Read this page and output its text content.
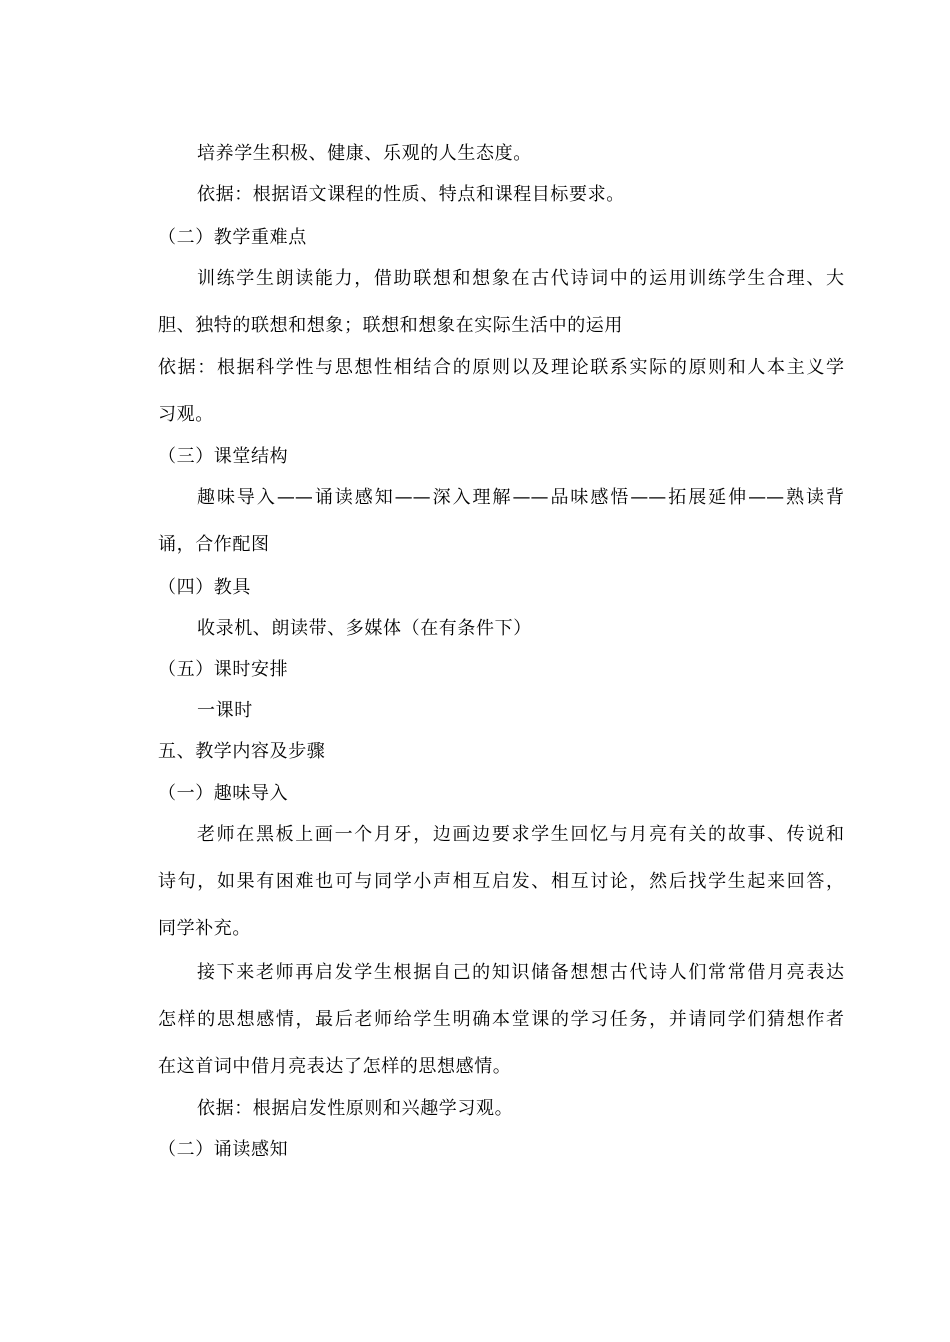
培养学生积极、健康、乐观的人生态度。
依据：根据语文课程的性质、特点和课程目标要求。
（二）教学重难点
训练学生朗读能力，借助联想和想象在古代诗词中的运用训练学生合理、大
胆、独特的联想和想象；联想和想象在实际生活中的运用
依据：根据科学性与思想性相结合的原则以及理论联系实际的原则和人本主义学
习观。
（三）课堂结构
趣味导入——诵读感知——深入理解——品味感悟——拓展延伸——熟读背
诵，合作配图
（四）教具
收录机、朗读带、多媒体（在有条件下）
（五）课时安排
一课时
五、教学内容及步骤
（一）趣味导入
老师在黑板上画一个月牙，边画边要求学生回忆与月亮有关的故事、传说和
诗句，如果有困难也可与同学小声相互启发、相互讨论，然后找学生起来回答，
同学补充。
接下来老师再启发学生根据自己的知识储备想想古代诗人们常常借月亮表达
怎样的思想感情，最后老师给学生明确本堂课的学习任务，并请同学们猜想作者
在这首词中借月亮表达了怎样的思想感情。
依据：根据启发性原则和兴趣学习观。
（二）诵读感知
